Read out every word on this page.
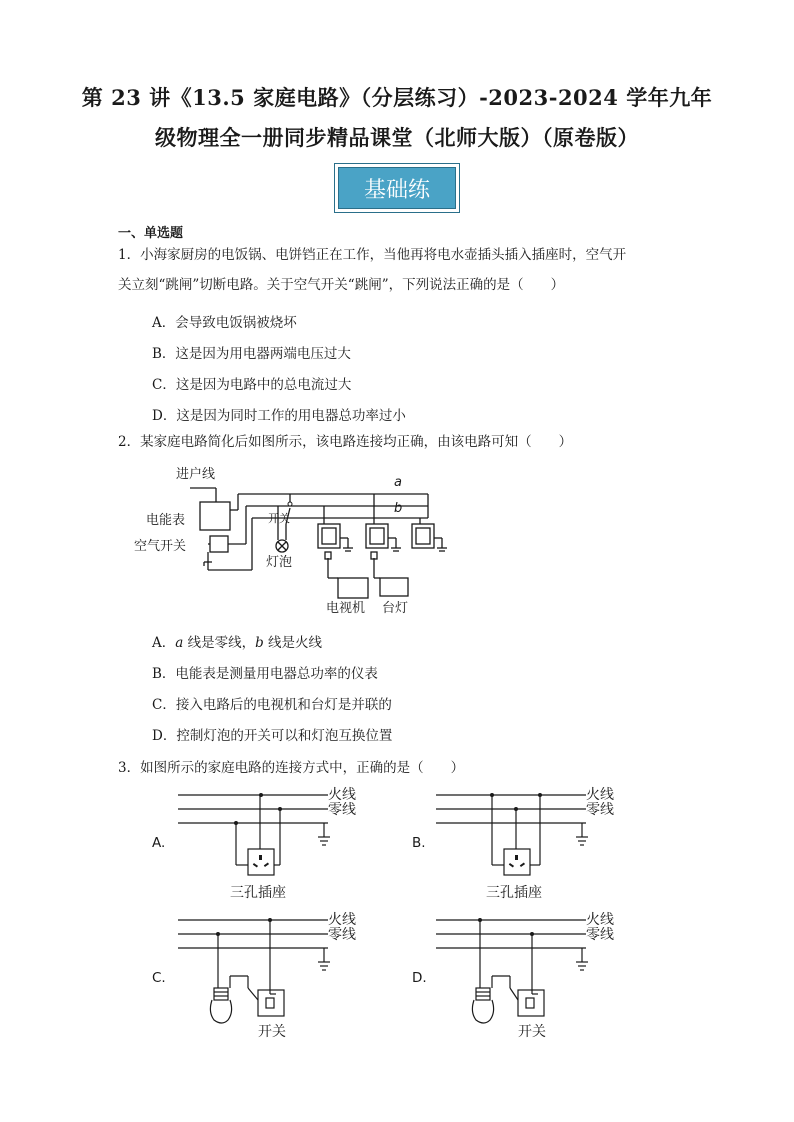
第 23 讲《13.5 家庭电路》（分层练习）-2023-2024 学年九年
级物理全一册同步精品课堂（北师大版）（原卷版）
基础练
一、单选题
1．小海家厨房的电饭锅、电饼铛正在工作，当他再将电水壶插头插入插座时，空气开
关立刻“跳闸”切断电路。关于空气开关“跳闸”，下列说法正确的是（　　）
A．会导致电饭锅被烧坏
B．这是因为用电器两端电压过大
C．这是因为电路中的总电流过大
D．这是因为同时工作的用电器总功率过小
2．某家庭电路简化后如图所示，该电路连接均正确，由该电路可知（　　）
进户线
电能表
空气开关
开关
灯泡
a
b
电视机 台灯
A．a 线是零线，b 线是火线
B．电能表是测量用电器总功率的仪表
C．接入电路后的电视机和台灯是并联的
D．控制灯泡的开关可以和灯泡互换位置
3．如图所示的家庭电路的连接方式中，正确的是（　　）
A.
火线
零线
三孔插座
B.
火线
零线
三孔插座
C.
火线
零线
开关
D.
火线
零线
开关
